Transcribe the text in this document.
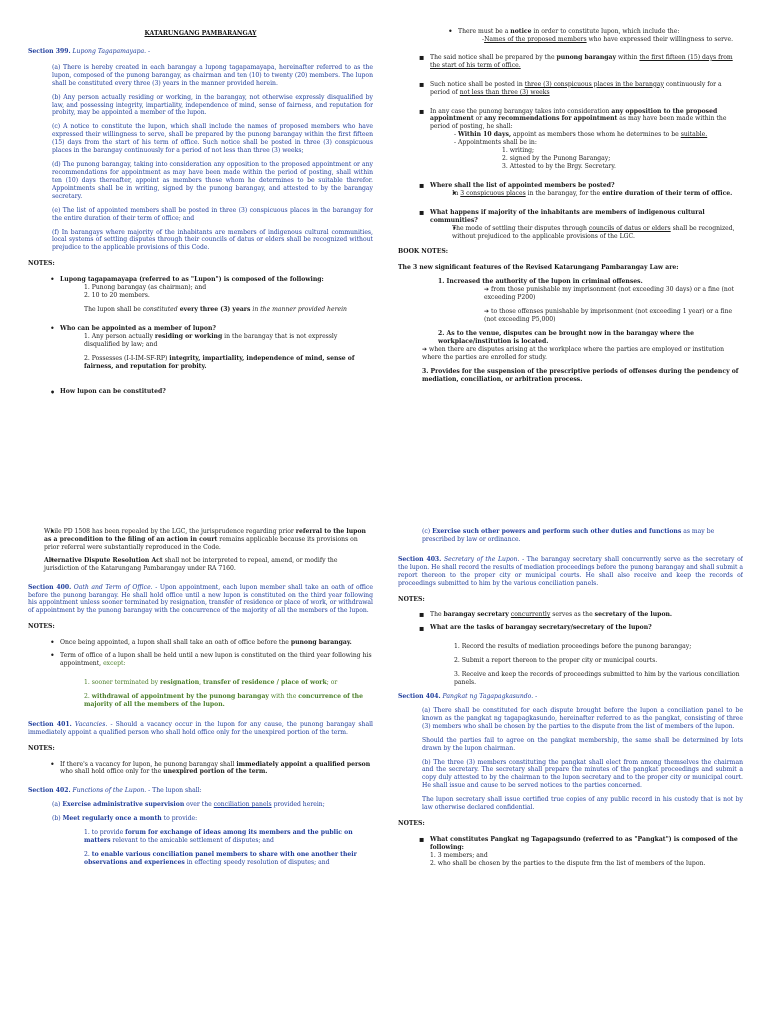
KATARUNGANG PAMBARANGAY
Section 399. Lupong Tagapamayapa. -

(a) There is hereby created in each barangay a lupong tagapamayapa, hereinafter referred to as the lupon, composed of the punong barangay, as chairman and ten (10) to twenty (20) members. The lupon shall be constituted every three (3) years in the manner provided herein.

(b) Any person actually residing or working, in the barangay, not otherwise expressly disqualified by law, and possessing integrity, impartiality, independence of mind, sense of fairness, and reputation for probity, may be appointed a member of the lupon.

(c) A notice to constitute the lupon, which shall include the names of proposed members who have expressed their willingness to serve, shall be prepared by the punong barangay within the first fifteen (15) days from the start of his term of office. Such notice shall be posted in three (3) conspicuous places in the barangay continuously for a period of not less than three (3) weeks;

(d) The punong barangay, taking into consideration any opposition to the proposed appointment or any recommendations for appointment as may have been made within the period of posting, shall within ten (10) days thereafter, appoint as members those whom he determines to be suitable therefor. Appointments shall be in writing, signed by the punong barangay, and attested to by the barangay secretary.

(e) The list of appointed members shall be posted in three (3) conspicuous places in the barangay for the entire duration of their term of office; and

(f) In barangays where majority of the inhabitants are members of indigenous cultural communities, local systems of settling disputes through their councils of datus or elders shall be recognized without prejudice to the applicable provisions of this Code.

NOTES:
• Lupong tagapamayapa (referred to as "Lupon") is composed of the following:
1. Punong barangay (as chairman); and
2. 10 to 20 members.
The lupon shall be constituted every three (3) years in the manner provided herein
• Who can be appointed as a member of lupon?
1. Any person actually residing or working in the barangay that is not expressly disqualified by law; and
2. Possesses (I-I-IM-SF-RP) integrity, impartiality, independence of mind, sense of fairness, and reputation for probity.
• How lupon can be constituted?
• There must be a notice in order to constitute lupon, which include the:
-Names of the proposed members who have expressed their willingness to serve.
▪ The said notice shall be prepared by the punong barangay within the first fifteen (15) days from the start of his term of office.
▪ Such notice shall be posted in three (3) conspicuous places in the barangay continuously for a period of not less than three (3) weeks
▪ In any case the punong barangay takes into consideration any opposition to the proposed appointment or any recommendations for appointment as may have been made within the period of posting, he shall:
- Within 10 days, appoint as members those whom he determines to be suitable.
- Appointments shall be in:
1. writing;
2. signed by the Punong Barangay;
3. Attested to by the Brgy. Secretary.
▪ Where shall the list of appointed members be posted?
• In 3 conspicuous places in the barangay, for the entire duration of their term of office.
▪ What happens if majority of the inhabitants are members of indigenous cultural communities?
• The mode of settling their disputes through councils of datus or elders shall be recognized, without prejudiced to the applicable provisions of the LGC.
BOOK NOTES:

The 3 new significant features of the Revised Katarungang Pambarangay Law are:

1. Increased the authority of the lupon in criminal offenses.
➔ from those punishable my imprisonment (not exceeding 30 days) or a fine (not exceeding P200)
➔ to those offenses punishable by imprisonment (not exceeding 1 year) or a fine (not exceeding P5,000)
2. As to the venue, disputes can be brought now in the barangay where the workplace/institution is located.
➔ when there are disputes arising at the workplace where the parties are employed or institution where the parties are enrolled for study.
3. Provides for the suspension of the prescriptive periods of offenses during the pendency of mediation, conciliation, or arbitration process.
• While PD 1508 has been repealed by the LGC, the jurisprudence regarding prior referral to the lupon as a precondition to the filing of an action in court remains applicable because its provisions on prior referral were substantially reproduced in the Code.
• Alternative Dispute Resolution Act shall not be interpreted to repeal, amend, or modify the jurisdiction of the Katarungang Pambarangay under RA 7160.

Section 400. Oath and Term of Office. - Upon appointment, each lupon member shall take an oath of office before the punong barangay. He shall hold office until a new lupon is constituted on the third year following his appointment unless sooner terminated by resignation, transfer of residence or place of work, or withdrawal of appointment by the punong barangay with the concurrence of the majority of all the members of the lupon.

NOTES:
• Once being appointed, a lupon shall shall take an oath of office before the punong barangay.
• Term of office of a lupon shall be held until a new lupon is constituted on the third year following his appointment, except:
1. sooner terminated by resignation, transfer of residence / place of work; or
2. withdrawal of appointment by the punong barangay with the concurrence of the majority of all the members of the lupon.

Section 401. Vacancies. - Should a vacancy occur in the lupon for any cause, the punong barangay shall immediately appoint a qualified person who shall hold office only for the unexpired portion of the term.

NOTES:
• If there's a vacancy for lupon, he punong barangay shall immediately appoint a qualified person who shall hold office only for the unexpired portion of the term.

Section 402. Functions of the Lupon. - The lupon shall:

(a) Exercise administrative supervision over the conciliation panels provided herein;
(b) Meet regularly once a month to provide:
1. to provide forum for exchange of ideas among its members and the public on matters relevant to the amicable settlement of disputes; and
2. to enable various conciliation panel members to share with one another their observations and experiences in effecting speedy resolution of disputes; and

(c) Exercise such other powers and perform such other duties and functions as may be prescribed by law or ordinance.

Section 403. Secretary of the Lupon. - The barangay secretary shall concurrently serve as the secretary of the lupon. He shall record the results of mediation proceedings before the punong barangay and shall submit a report thereon to the proper city or municipal courts. He shall also receive and keep the records of proceedings submitted to him by the various conciliation panels.

NOTES:
▪ The barangay secretary concurrently serves as the secretary of the lupon.
▪ What are the tasks of barangay secretary/secretary of the lupon?
1. Record the results of mediation proceedings before the punong barangay;
2. Submit a report thereon to the proper city or municipal courts.
3. Receive and keep the records of proceedings submitted to him by the various conciliation panels.

Section 404. Pangkat ng Tagapagkasundo. -

(a) There shall be constituted for each dispute brought before the lupon a conciliation panel to be known as the pangkat ng tagapagkasundo, hereinafter referred to as the pangkat, consisting of three (3) members who shall be chosen by the parties to the dispute from the list of members of the lupon.

Should the parties fail to agree on the pangkat membership, the same shall be determined by lots drawn by the lupon chairman.

(b) The three (3) members constituting the pangkat shall elect from among themselves the chairman and the secretary. The secretary shall prepare the minutes of the pangkat proceedings and submit a copy duly attested to by the chairman to the lupon secretary and to the proper city or municipal court. He shall issue and cause to be served notices to the parties concerned.

The lupon secretary shall issue certified true copies of any public record in his custody that is not by law otherwise declared confidential.

NOTES:
▪ What constitutes Pangkat ng Tagapagsundo (referred to as "Pangkat") is composed of the following:
1. 3 members; and
2. who shall be chosen by the parties to the dispute frm the list of members of the lupon.
